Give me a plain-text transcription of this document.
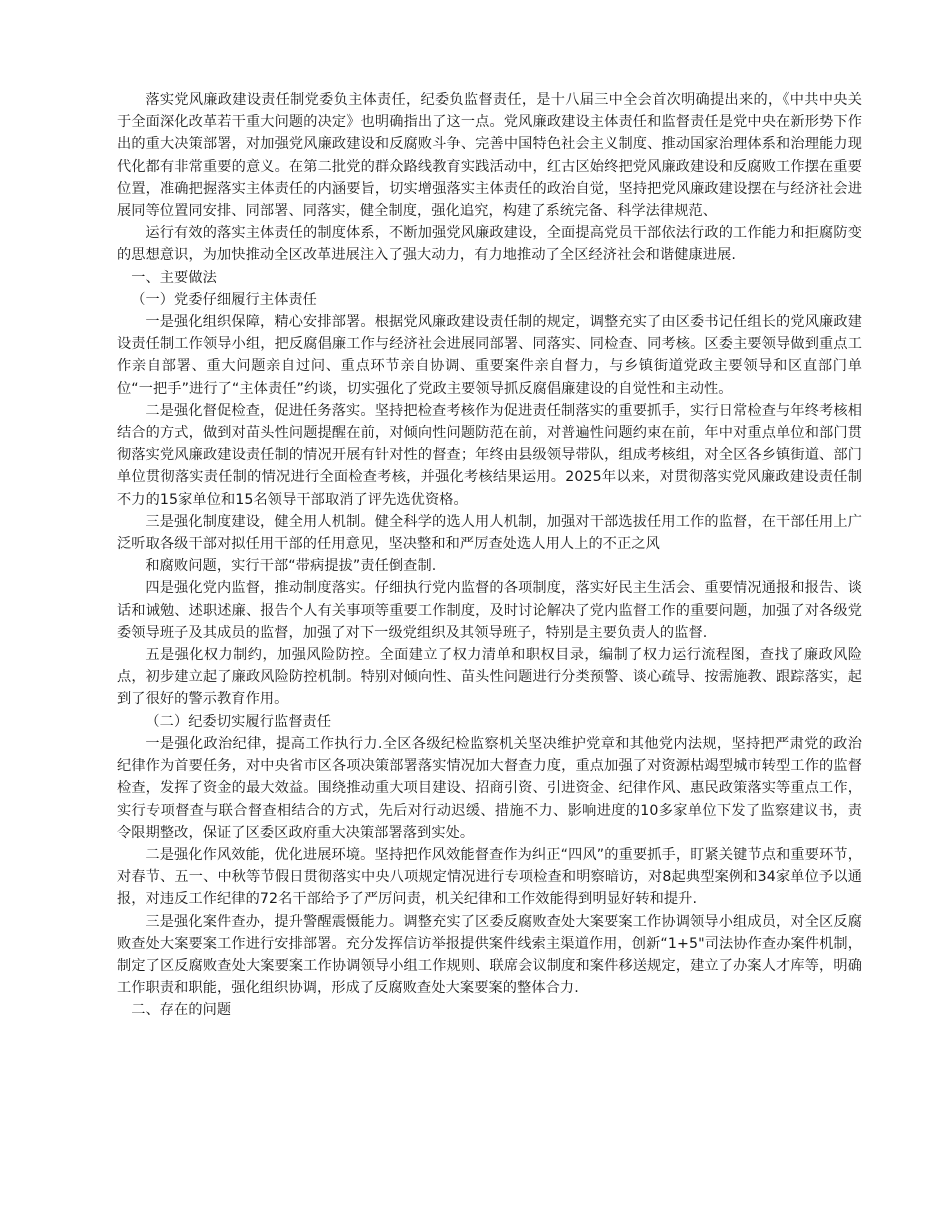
落实党风廉政建设责任制党委负主体责任，纪委负监督责任，是十八届三中全会首次明确提出来的，《中共中央关于全面深化改革若干重大问题的决定》也明确指出了这一点。党风廉政建设主体责任和监督责任是党中央在新形势下作出的重大决策部署，对加强党风廉政建设和反腐败斗争、完善中国特色社会主义制度、推动国家治理体系和治理能力现代化都有非常重要的意义。在第二批党的群众路线教育实践活动中，红古区始终把党风廉政建设和反腐败工作摆在重要位置，准确把握落实主体责任的内涵要旨，切实增强落实主体责任的政治自觉，坚持把党风廉政建设摆在与经济社会进展同等位置同安排、同部署、同落实，健全制度，强化追究，构建了系统完备、科学法律规范、

运行有效的落实主体责任的制度体系，不断加强党风廉政建设，全面提高党员干部依法行政的工作能力和拒腐防变的思想意识，为加快推动全区改革进展注入了强大动力，有力地推动了全区经济社会和谐健康进展.

一、主要做法

（一）党委仔细履行主体责任

一是强化组织保障，精心安排部署。根据党风廉政建设责任制的规定，调整充实了由区委书记任组长的党风廉政建设责任制工作领导小组，把反腐倡廉工作与经济社会进展同部署、同落实、同检查、同考核。区委主要领导做到重点工作亲自部署、重大问题亲自过问、重点环节亲自协调、重要案件亲自督力，与乡镇街道党政主要领导和区直部门单位“一把手”进行了“主体责任”约谈，切实强化了党政主要领导抓反腐倡廉建设的自觉性和主动性。

二是强化督促检查，促进任务落实。坚持把检查考核作为促进责任制落实的重要抓手，实行日常检查与年终考核相结合的方式，做到对苗头性问题提醒在前，对倾向性问题防范在前，对普遍性问题约束在前，年中对重点单位和部门贯彻落实党风廉政建设责任制的情况开展有针对性的督查；年终由县级领导带队，组成考核组，对全区各乡镇街道、部门单位贯彻落实责任制的情况进行全面检查考核，并强化考核结果运用。2025年以来，对贯彻落实党风廉政建设责任制不力的15家单位和15名领导干部取消了评先选优资格。

三是强化制度建设，健全用人机制。健全科学的选人用人机制，加强对干部选拔任用工作的监督，在干部任用上广泛听取各级干部对拟任用干部的任用意见，坚决整和和严厉查处选人用人上的不正之风

和腐败问题，实行干部“带病提拔”责任倒查制.

四是强化党内监督，推动制度落实。仔细执行党内监督的各项制度，落实好民主生活会、重要情况通报和报告、谈话和诫勉、述职述廉、报告个人有关事项等重要工作制度，及时讨论解决了党内监督工作的重要问题，加强了对各级党委领导班子及其成员的监督，加强了对下一级党组织及其领导班子，特别是主要负责人的监督.

五是强化权力制约，加强风险防控。全面建立了权力清单和职权目录，编制了权力运行流程图，查找了廉政风险点，初步建立起了廉政风险防控机制。特别对倾向性、苗头性问题进行分类预警、谈心疏导、按需施教、跟踪落实，起到了很好的警示教育作用。

（二）纪委切实履行监督责任

一是强化政治纪律，提高工作执行力.全区各级纪检监察机关坚决维护党章和其他党内法规，坚持把严肃党的政治纪律作为首要任务，对中央省市区各项决策部署落实情况加大督查力度，重点加强了对资源枯竭型城市转型工作的监督检查，发挥了资金的最大效益。围绕推动重大项目建设、招商引资、引进资金、纪律作风、惠民政策落实等重点工作，实行专项督查与联合督查相结合的方式，先后对行动迟缓、措施不力、影响进度的10多家单位下发了监察建议书，责令限期整改，保证了区委区政府重大决策部署落到实处。

二是强化作风效能，优化进展环境。坚持把作风效能督查作为纠正“四风”的重要抓手，盯紧关键节点和重要环节，对春节、五一、中秋等节假日贯彻落实中央八项规定情况进行专项检查和明察暗访，对8起典型案例和34家单位予以通报，对违反工作纪律的72名干部给予了严厉问责，机关纪律和工作效能得到明显好转和提升.

三是强化案件查办，提升警醒震慑能力。调整充实了区委反腐败查处大案要案工作协调领导小组成员，对全区反腐败查处大案要案工作进行安排部署。充分发挥信访举报提供案件线索主渠道作用，创新“1+5"司法协作查办案件机制，制定了区反腐败查处大案要案工作协调领导小组工作规则、联席会议制度和案件移送规定，建立了办案人才库等，明确工作职责和职能，强化组织协调，形成了反腐败查处大案要案的整体合力.

二、存在的问题
